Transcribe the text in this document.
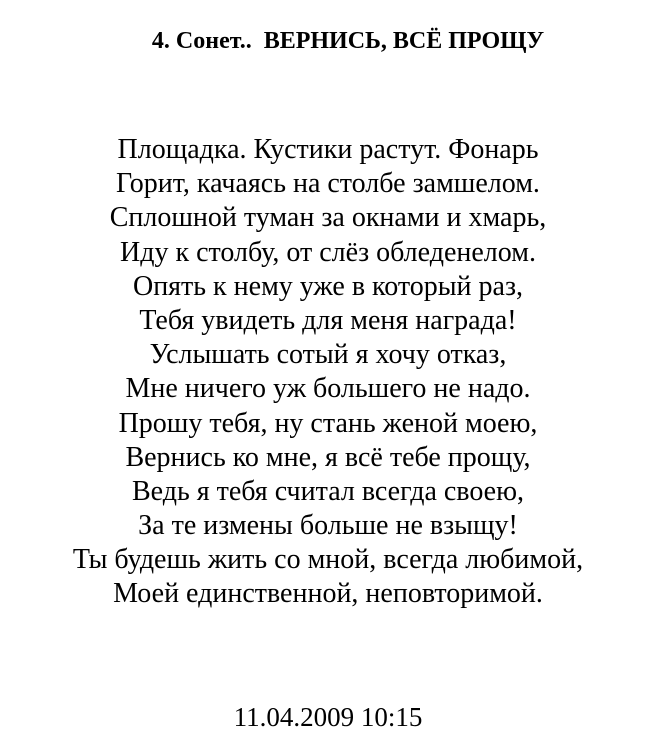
4. Сонет.. ВЕРНИСЬ, ВСЁ ПРОЩУ
Площадка. Кустики растут. Фонарь
Горит, качаясь на столбе замшелом.
Сплошной туман за окнами и хмарь,
Иду к столбу, от слёз обледенелом.
Опять к нему уже в который раз,
Тебя увидеть для меня награда!
Услышать сотый я хочу отказ,
Мне ничего уж большего не надо.
Прошу тебя, ну стань женой моею,
Вернись ко мне, я всё тебе прощу,
Ведь я тебя считал всегда своею,
За те измены больше не взыщу!
Ты будешь жить со мной, всегда любимой,
Моей единственной, неповторимой.
11.04.2009 10:15
